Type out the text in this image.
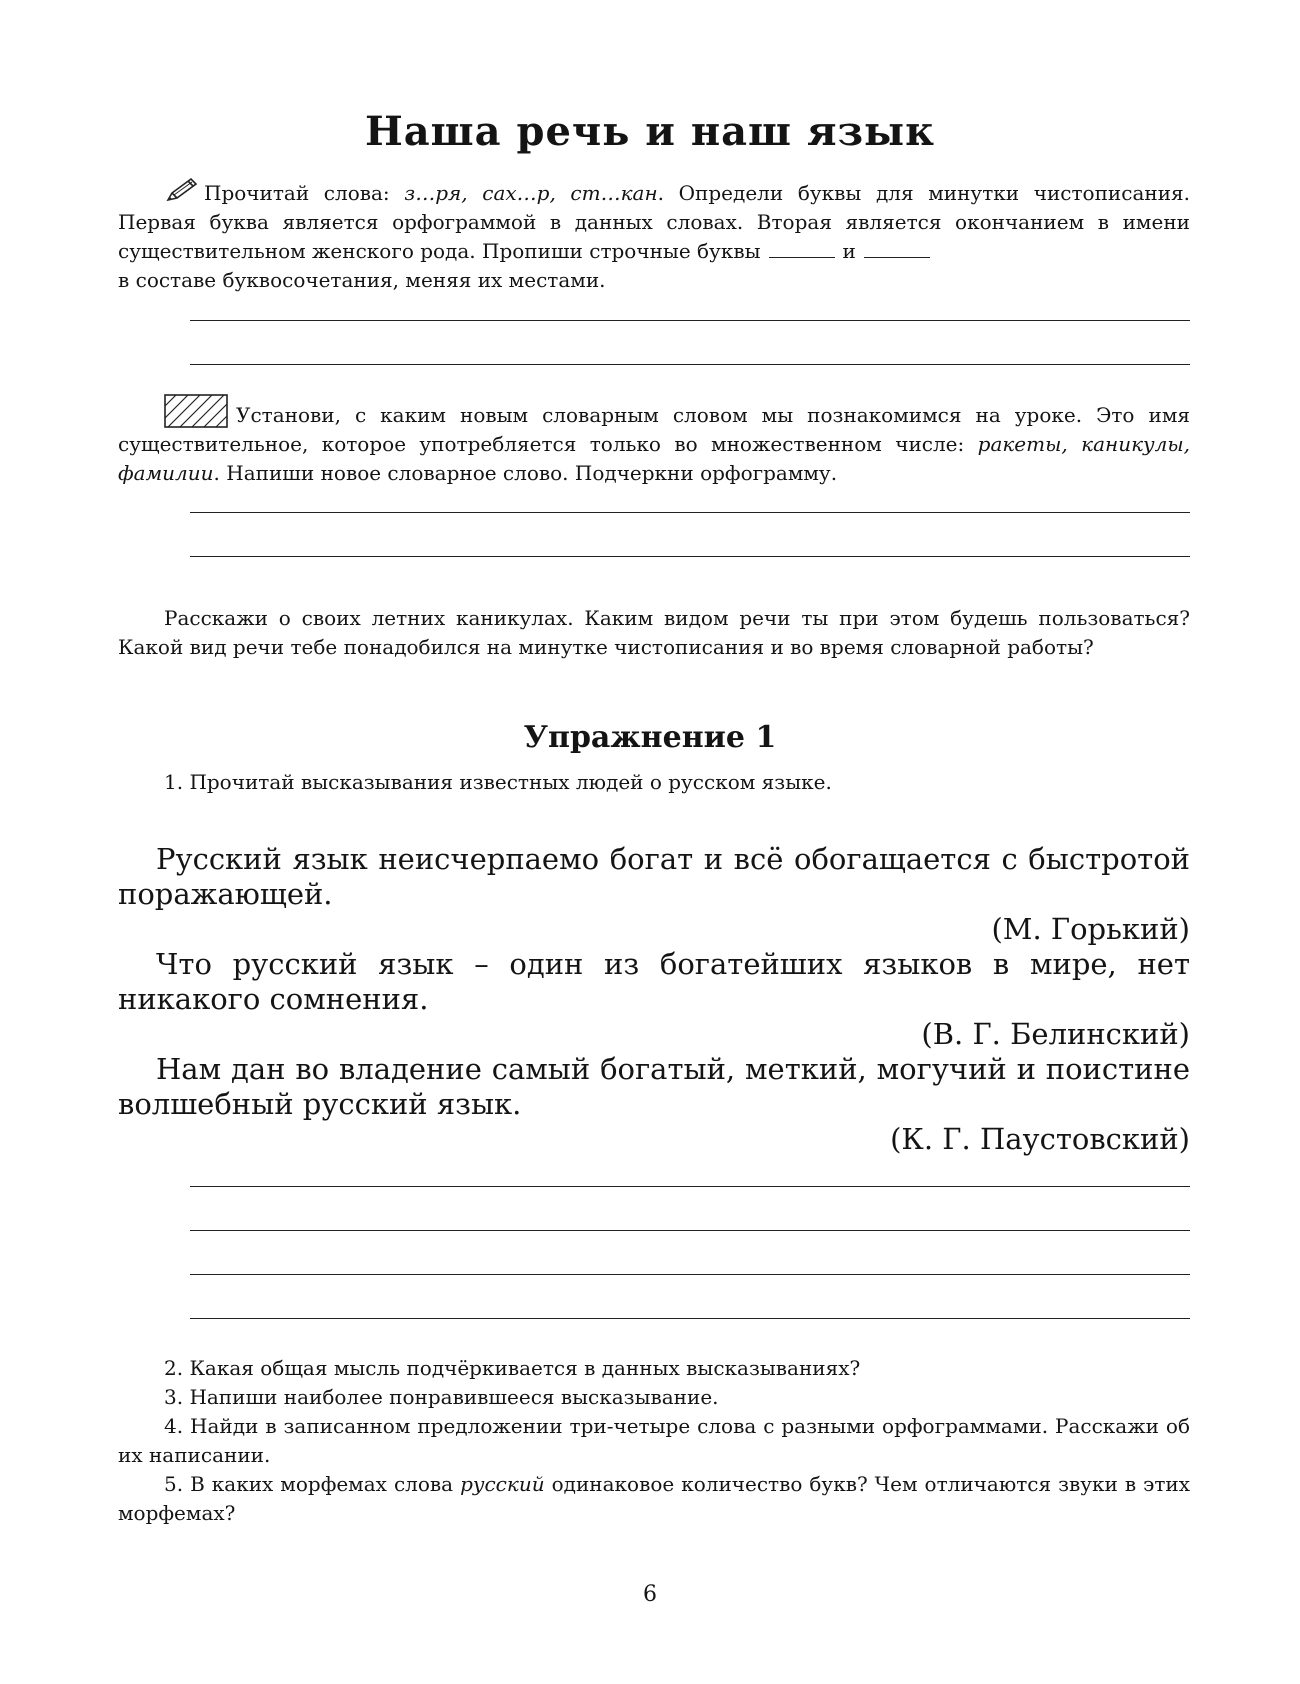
Наша речь и наш язык

Прочитай слова: з…ря, сах…р, ст…кан. Определи буквы для минутки чистописания. Первая буква является орфограммой в данных словах. Вторая является окончанием в имени существительном женского рода. Пропиши строчные буквы	и

в составе буквосочетания, меняя их местами.

Установи, с каким новым словарным словом мы познакомимся на уроке. Это имя существительное, которое употребляется только во множественном числе: ракеты, каникулы, фамилии. Напиши новое словарное слово. Подчеркни орфограмму.

Расскажи о своих летних каникулах. Каким видом речи ты при этом будешь пользоваться? Какой вид речи тебе понадобился на минутке чистописания и во время словарной работы?

Упражнение 1

1. Прочитай высказывания известных людей о русском языке.

Русский язык неисчерпаемо богат и всё обогащается с быстротой поражающей.

(М. Горький)

Что русский язык – один из богатейших языков в мире, нет никакого сомнения.

(В. Г. Белинский)

Нам дан во владение самый богатый, меткий, могучий и поистине волшебный русский язык.

(К. Г. Паустовский)

2. Какая общая мысль подчёркивается в данных высказываниях?

3. Напиши наиболее понравившееся высказывание.

4. Найди в записанном предложении три-четыре слова с разными орфограммами. Расскажи об их написании.

5. В каких морфемах слова русский одинаковое количество букв? Чем отличаются звуки в этих морфемах?

6
